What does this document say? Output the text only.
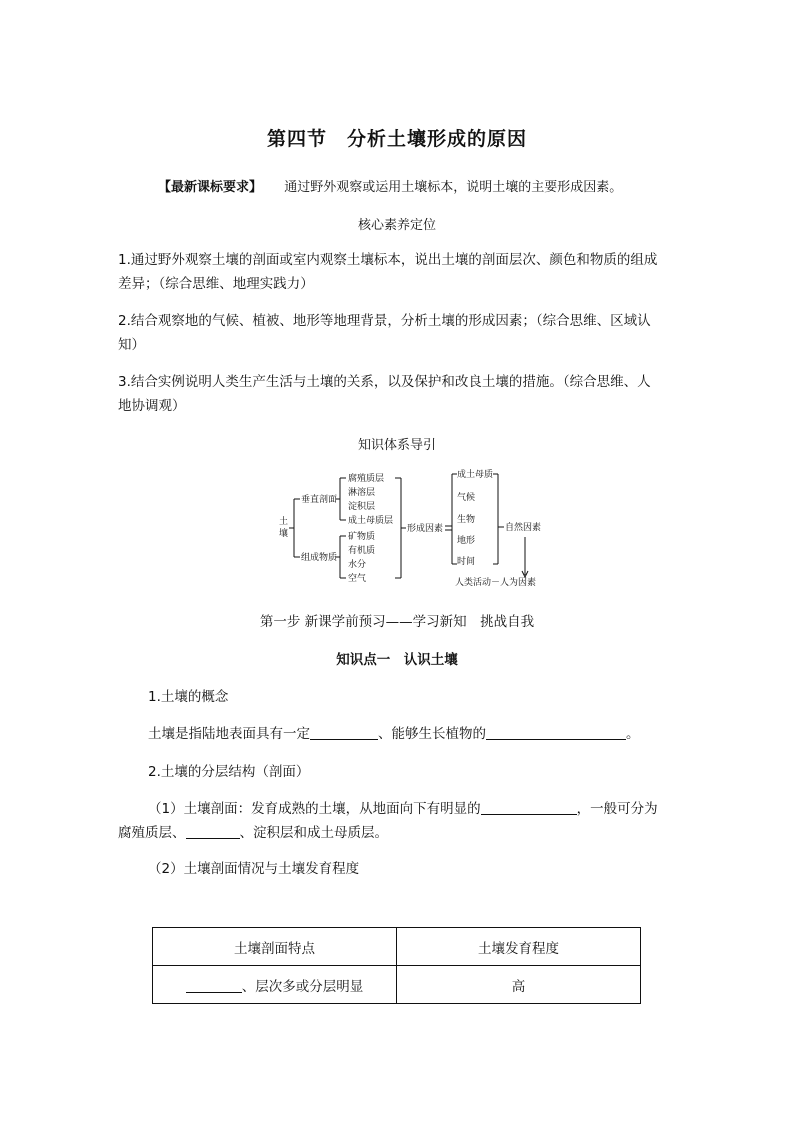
第四节　分析土壤形成的原因
【最新课标要求】 通过野外观察或运用土壤标本，说明土壤的主要形成因素。
核心素养定位
1.通过野外观察土壤的剖面或室内观察土壤标本，说出土壤的剖面层次、颜色和物质的组成
差异；（综合思维、地理实践力）
2.结合观察地的气候、植被、地形等地理背景，分析土壤的形成因素；（综合思维、区域认
知）
3.结合实例说明人类生产生活与土壤的关系，以及保护和改良土壤的措施。（综合思维、人
地协调观）
知识体系导引
土
壤
垂直剖面
组成物质
腐殖质层
淋溶层
淀积层
成土母质层
矿物质
有机质
水分
空气
形成因素
成土母质
气候
生物
地形
时间
自然因素
人类活动－人为因素
第一步 新课学前预习——学习新知　挑战自我
知识点一　认识土壤
1.土壤的概念
土壤是指陆地表面具有一定	、能够生长植物的	。
2.土壤的分层结构（剖面）
（1）土壤剖面：发育成熟的土壤，从地面向下有明显的	，一般可分为
腐殖质层、	、淀积层和成土母质层。
（2）土壤剖面情况与土壤发育程度
土壤剖面特点	土壤发育程度
、层次多或分层明显	高
